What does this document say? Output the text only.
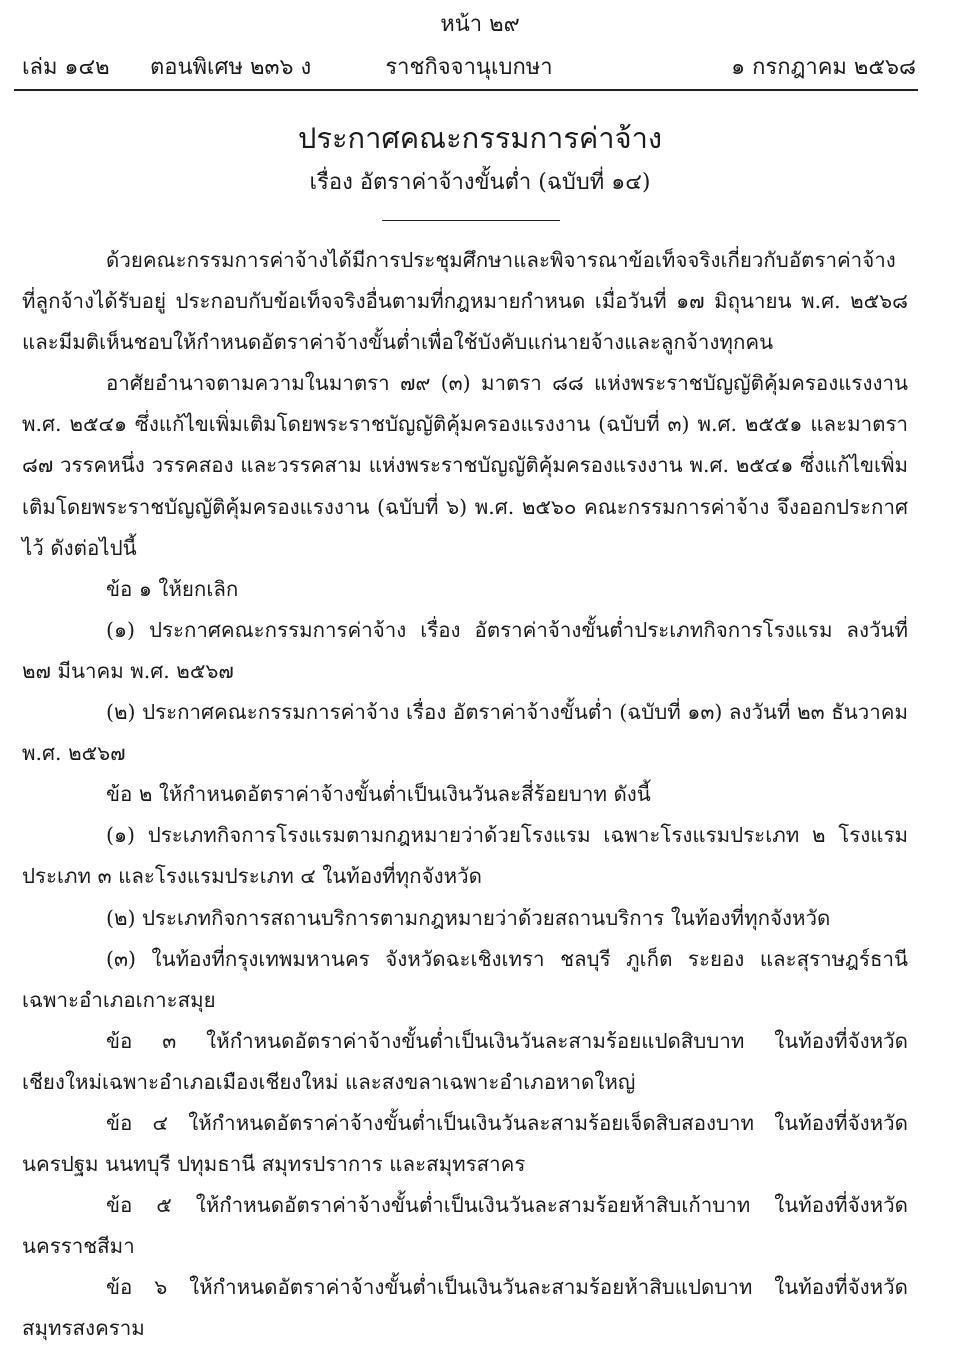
หน้า ๒๙
ราชกิจจานุเบกษา
เล่ม ๑๔๒ ตอนพิเศษ ๒๓๖ ง	๑ กรกฎาคม ๒๕๖๘
ประกาศคณะกรรมการค่าจ้าง
เรื่อง อัตราค่าจ้างขั้นต่ำ (ฉบับที่ ๑๔)

ด้วยคณะกรรมการค่าจ้างได้มีการประชุมศึกษาและพิจารณาข้อเท็จจริงเกี่ยวกับอัตราค่าจ้าง ที่ลูกจ้างได้รับอยู่ ประกอบกับข้อเท็จจริงอื่นตามที่กฎหมายกำหนด เมื่อวันที่ ๑๗ มิถุนายน พ.ศ. ๒๕๖๘ และมีมติเห็นชอบให้กำหนดอัตราค่าจ้างขั้นต่ำเพื่อใช้บังคับแก่นายจ้างและลูกจ้างทุกคน

อาศัยอำนาจตามความในมาตรา ๗๙ (๓) มาตรา ๘๘ แห่งพระราชบัญญัติคุ้มครองแรงงาน พ.ศ. ๒๕๔๑ ซึ่งแก้ไขเพิ่มเติมโดยพระราชบัญญัติคุ้มครองแรงงาน (ฉบับที่ ๓) พ.ศ. ๒๕๕๑ และมาตรา ๘๗ วรรคหนึ่ง วรรคสอง และวรรคสาม แห่งพระราชบัญญัติคุ้มครองแรงงาน พ.ศ. ๒๕๔๑ ซึ่งแก้ไขเพิ่มเติมโดยพระราชบัญญัติคุ้มครองแรงงาน (ฉบับที่ ๖) พ.ศ. ๒๕๖๐ คณะกรรมการค่าจ้าง จึงออกประกาศไว้ ดังต่อไปนี้

ข้อ ๑ ให้ยกเลิก

(๑) ประกาศคณะกรรมการค่าจ้าง เรื่อง อัตราค่าจ้างขั้นต่ำประเภทกิจการโรงแรม ลงวันที่ ๒๗ มีนาคม พ.ศ. ๒๕๖๗

(๒) ประกาศคณะกรรมการค่าจ้าง เรื่อง อัตราค่าจ้างขั้นต่ำ (ฉบับที่ ๑๓) ลงวันที่ ๒๓ ธันวาคม พ.ศ. ๒๕๖๗

ข้อ ๒ ให้กำหนดอัตราค่าจ้างขั้นต่ำเป็นเงินวันละสี่ร้อยบาท ดังนี้

(๑) ประเภทกิจการโรงแรมตามกฎหมายว่าด้วยโรงแรม เฉพาะโรงแรมประเภท ๒ โรงแรม ประเภท ๓ และโรงแรมประเภท ๔ ในท้องที่ทุกจังหวัด

(๒) ประเภทกิจการสถานบริการตามกฎหมายว่าด้วยสถานบริการ ในท้องที่ทุกจังหวัด

(๓) ในท้องที่กรุงเทพมหานคร จังหวัดฉะเชิงเทรา ชลบุรี ภูเก็ต ระยอง และสุราษฎร์ธานี เฉพาะอำเภอเกาะสมุย

ข้อ ๓ ให้กำหนดอัตราค่าจ้างขั้นต่ำเป็นเงินวันละสามร้อยแปดสิบบาท ในท้องที่จังหวัด เชียงใหม่เฉพาะอำเภอเมืองเชียงใหม่ และสงขลาเฉพาะอำเภอหาดใหญ่

ข้อ ๔ ให้กำหนดอัตราค่าจ้างขั้นต่ำเป็นเงินวันละสามร้อยเจ็ดสิบสองบาท ในท้องที่จังหวัด นครปฐม นนทบุรี ปทุมธานี สมุทรปราการ และสมุทรสาคร

ข้อ ๕ ให้กำหนดอัตราค่าจ้างขั้นต่ำเป็นเงินวันละสามร้อยห้าสิบเก้าบาท ในท้องที่จังหวัด นครราชสีมา

ข้อ ๖ ให้กำหนดอัตราค่าจ้างขั้นต่ำเป็นเงินวันละสามร้อยห้าสิบแปดบาท ในท้องที่จังหวัด สมุทรสงคราม
